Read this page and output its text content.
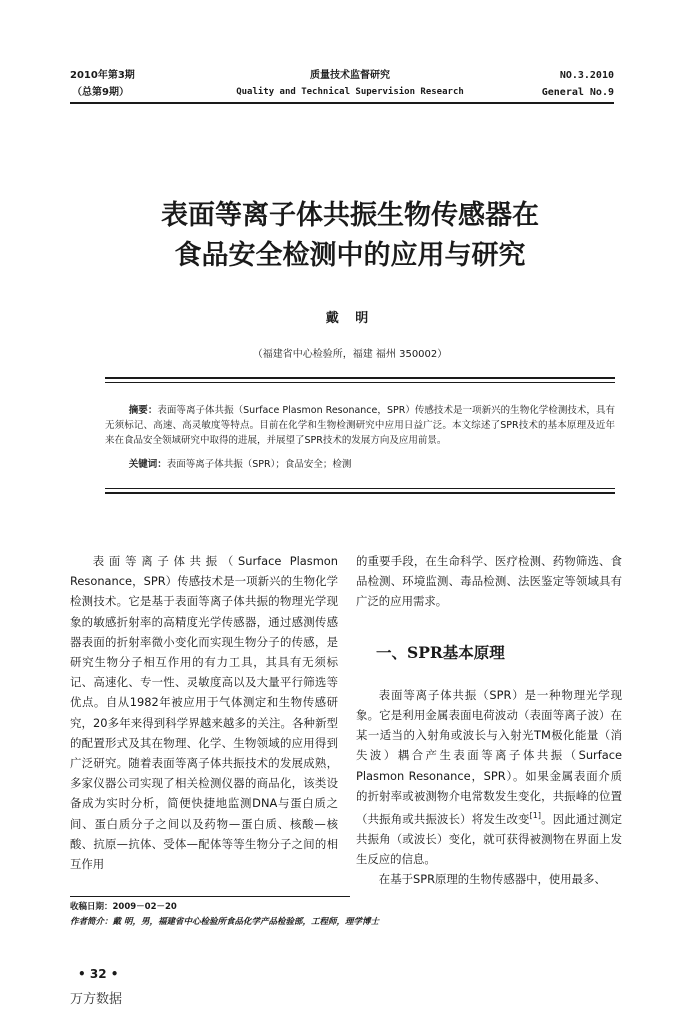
2010年第3期
（总第9期）
质量技术监督研究
Quality and Technical Supervision Research
NO.3.2010
General No.9
表面等离子体共振生物传感器在
食品安全检测中的应用与研究
戴 明
（福建省中心检验所，福建 福州 350002）
摘要：表面等离子体共振（Surface Plasmon Resonance，SPR）传感技术是一项新兴的生物化学检测技术，具有无须标记、高速、高灵敏度等特点。目前在化学和生物检测研究中应用日益广泛。本文综述了SPR技术的基本原理及近年来在食品安全领域研究中取得的进展，并展望了SPR技术的发展方向及应用前景。
关键词：表面等离子体共振（SPR）；食品安全；检测

表面等离子体共振（Surface Plasmon Resonance，SPR）传感技术是一项新兴的生物化学检测技术。它是基于表面等离子体共振的物理光学现象的敏感折射率的高精度光学传感器，通过感测传感器表面的折射率微小变化而实现生物分子的传感，是研究生物分子相互作用的有力工具，其具有无须标记、高速化、专一性、灵敏度高以及大量平行筛选等优点。自从1982年被应用于气体测定和生物传感研究，20多年来得到科学界越来越多的关注。各种新型的配置形式及其在物理、化学、生物领域的应用得到广泛研究。随着表面等离子体共振技术的发展成熟，多家仪器公司实现了相关检测仪器的商品化，该类设备成为实时分析，简便快捷地监测DNA与蛋白质之间、蛋白质分子之间以及药物—蛋白质、核酸—核酸、抗原—抗体、受体—配体等等生物分子之间的相互作用

的重要手段，在生命科学、医疗检测、药物筛选、食品检测、环境监测、毒品检测、法医鉴定等领域具有广泛的应用需求。

一、SPR基本原理

表面等离子体共振（SPR）是一种物理光学现象。它是利用金属表面电荷波动（表面等离子波）在某一适当的入射角或波长与入射光TM极化能量（消失波）耦合产生表面等离子体共振（Surface Plasmon Resonance，SPR）。如果金属表面介质的折射率或被测物介电常数发生变化，共振峰的位置（共振角或共振波长）将发生改变[1]。因此通过测定共振角（或波长）变化，就可获得被测物在界面上发生反应的信息。

在基于SPR原理的生物传感器中，使用最多、

收稿日期：2009－02－20
作者简介：戴 明，男，福建省中心检验所食品化学产品检验部，工程师，理学博士
• 32 •
万方数据
